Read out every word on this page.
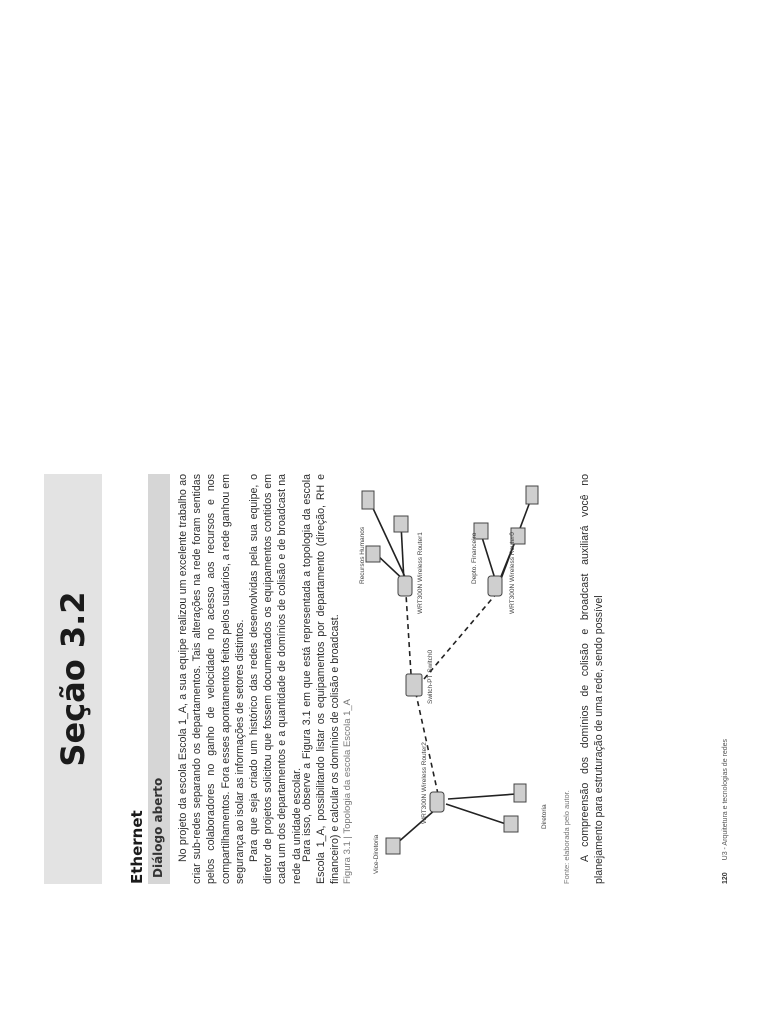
Seção 3.2
Ethernet Diálogo aberto No projeto da escola Escola 1_A, a sua equipe realizou um excelente trabalho ao criar sub-redes separando os departamentos. Tais alterações na rede foram sentidas pelos colaboradores no ganho de velocidade no acesso aos recursos e nos compartilhamentos. Fora esses apontamentos feitos pelos usuários, a rede ganhou em segurança ao isolar as informações de setores distintos. Para que seja criado um histórico das redes desenvolvidas pela sua equipe, o diretor de projetos solicitou que fossem documentados os equipamentos contidos em cada um dos departamentos e a quantidade de domínios de colisão e de broadcast na rede da unidade escolar.

Para isso, observe a Figura 3.1 em que está representada a topologia da escola Escola 1_A, possibilitando listar os equipamentos por departamento (direção, RH e financeiro) e calcular os domínios de colisão e broadcast. Figura 3.1 | Topologia da escola Escola 1_A	Diretoria
Vice-Diretoria
Recursos Humanos	Depto. Financeiro
WRT300N Wireless Router2
Switch-PT Switch0
WRT300N Wireless Router1	WRT300N Wireless Router0
Fonte: elaborada pelo autor. A compreensão dos domínios de colisão e broadcast auxiliará você no planejamento para estruturação de uma rede, sendo possível	120 U3 - Arquitetura e tecnologias de redes
